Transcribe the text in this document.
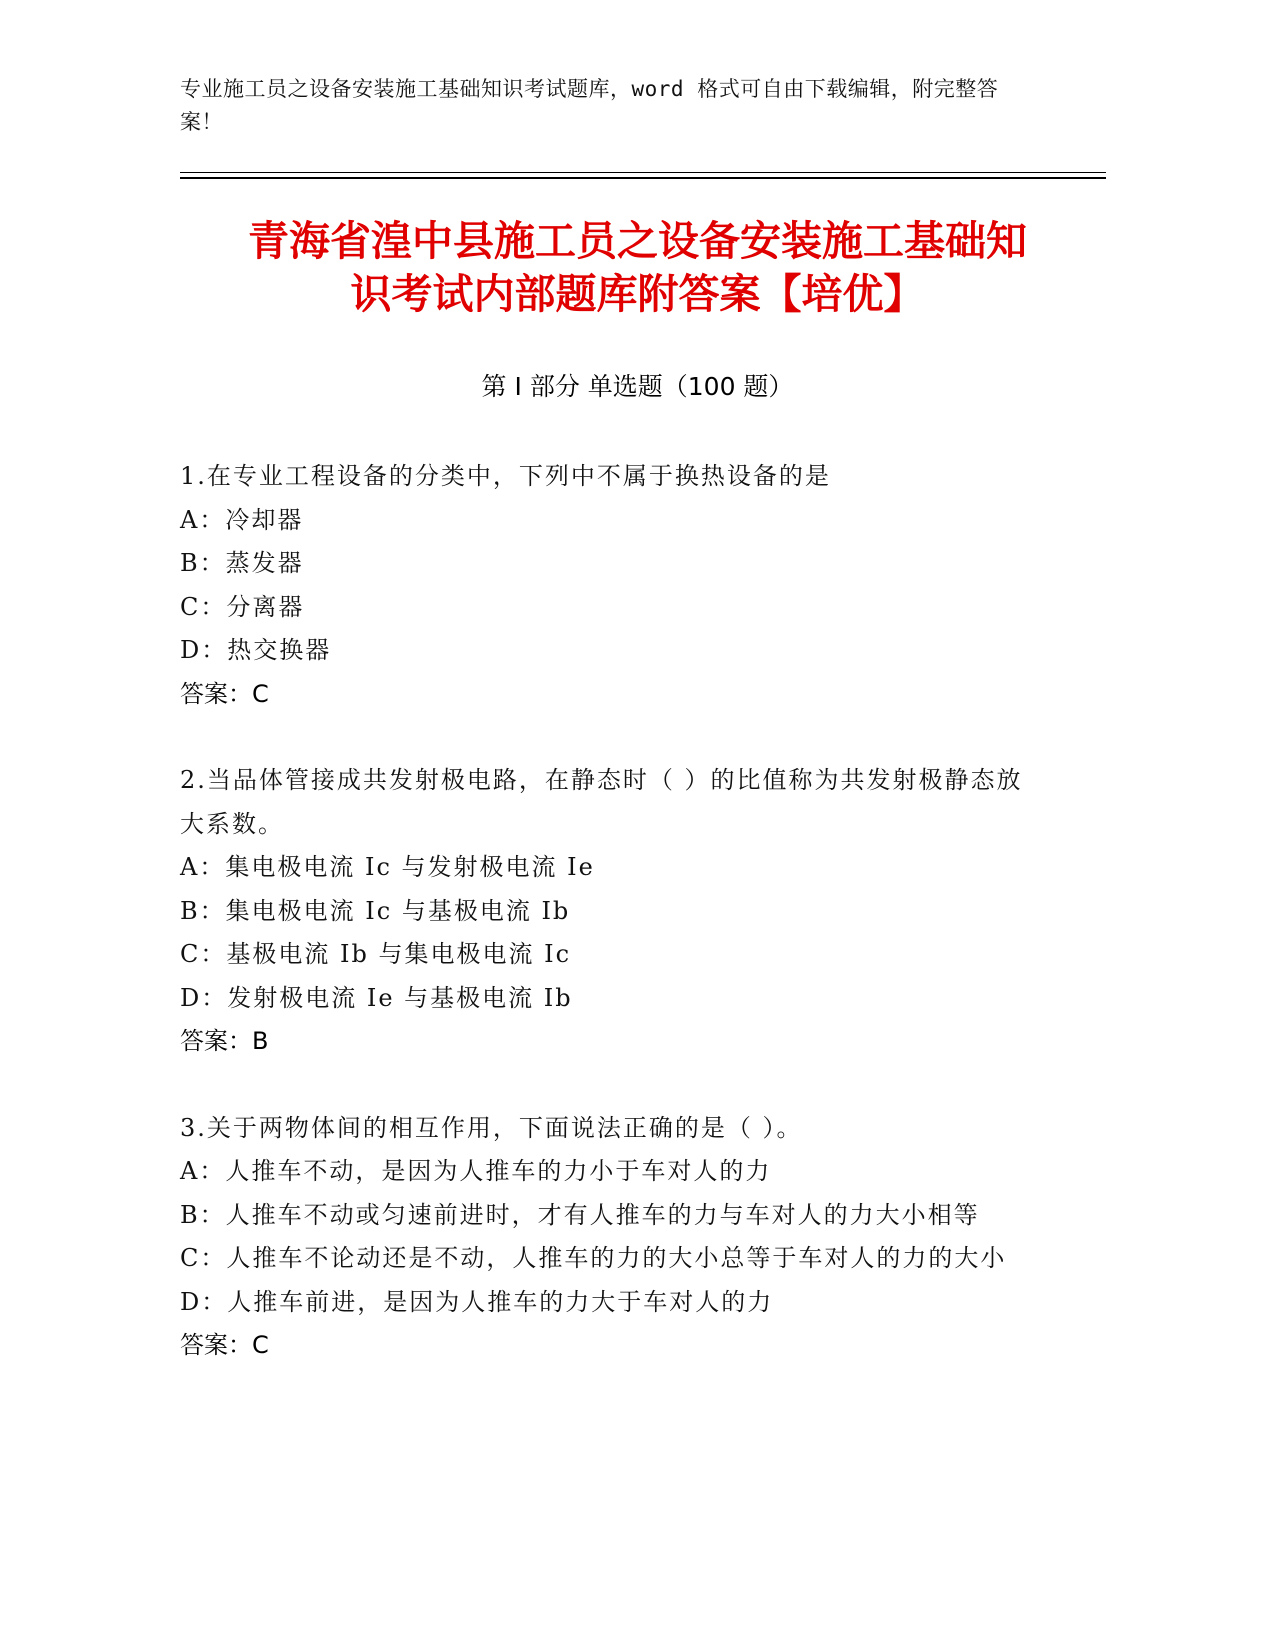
专业施工员之设备安装施工基础知识考试题库，word 格式可自由下载编辑，附完整答案！
青海省湟中县施工员之设备安装施工基础知
识考试内部题库附答案【培优】
第 I 部分 单选题（100 题）
1.在专业工程设备的分类中，下列中不属于换热设备的是
A：冷却器
B：蒸发器
C：分离器
D：热交换器
答案：C
2.当品体管接成共发射极电路，在静态时（ ）的比值称为共发射极静态放大系数。
A：集电极电流 Ic 与发射极电流 Ie
B：集电极电流 Ic 与基极电流 Ib
C：基极电流 Ib 与集电极电流 Ic
D：发射极电流 Ie 与基极电流 Ib
答案：B
3.关于两物体间的相互作用，下面说法正确的是（ ）。
A：人推车不动，是因为人推车的力小于车对人的力
B：人推车不动或匀速前进时，才有人推车的力与车对人的力大小相等
C：人推车不论动还是不动，人推车的力的大小总等于车对人的力的大小
D：人推车前进，是因为人推车的力大于车对人的力
答案：C
